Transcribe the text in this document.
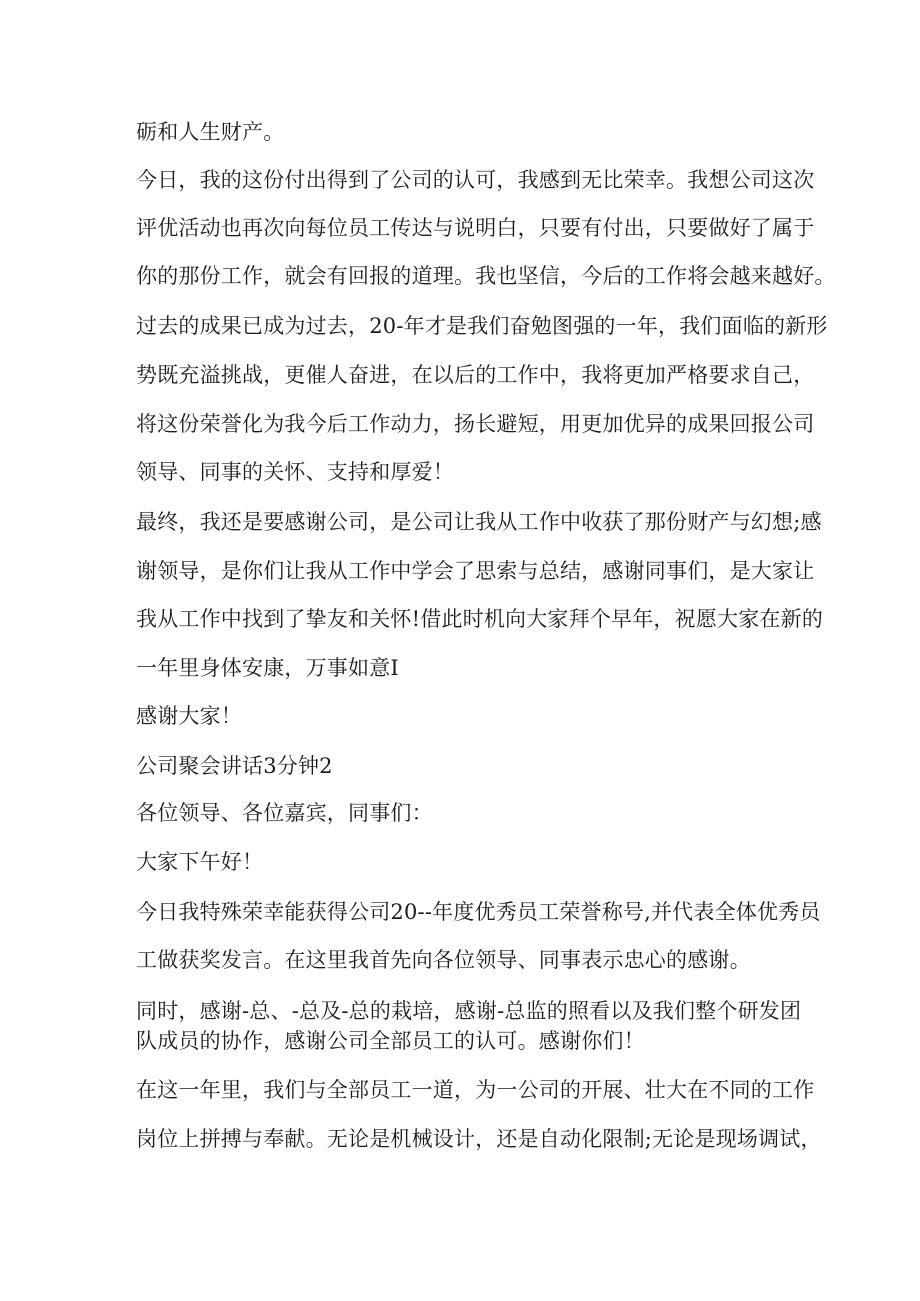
砺和人生财产。

今日，我的这份付出得到了公司的认可，我感到无比荣幸。我想公司这次

评优活动也再次向每位员工传达与说明白，只要有付出，只要做好了属于

你的那份工作，就会有回报的道理。我也坚信，今后的工作将会越来越好。

过去的成果已成为过去，20-年才是我们奋勉图强的一年，我们面临的新形

势既充溢挑战，更催人奋进，在以后的工作中，我将更加严格要求自己，

将这份荣誉化为我今后工作动力，扬长避短，用更加优异的成果回报公司

领导、同事的关怀、支持和厚爱！

最终，我还是要感谢公司，是公司让我从工作中收获了那份财产与幻想;感

谢领导，是你们让我从工作中学会了思索与总结，感谢同事们，是大家让

我从工作中找到了挚友和关怀!借此时机向大家拜个早年，祝愿大家在新的

一年里身体安康，万事如意I

感谢大家！

公司聚会讲话3分钟2

各位领导、各位嘉宾，同事们：

大家下午好！

今日我特殊荣幸能获得公司20--年度优秀员工荣誉称号,并代表全体优秀员

工做获奖发言。在这里我首先向各位领导、同事表示忠心的感谢。

同时，感谢-总、-总及-总的栽培，感谢-总监的照看以及我们整个研发团

队成员的协作，感谢公司全部员工的认可。感谢你们！

在这一年里，我们与全部员工一道，为一公司的开展、壮大在不同的工作

岗位上拼搏与奉献。无论是机械设计，还是自动化限制;无论是现场调试，
